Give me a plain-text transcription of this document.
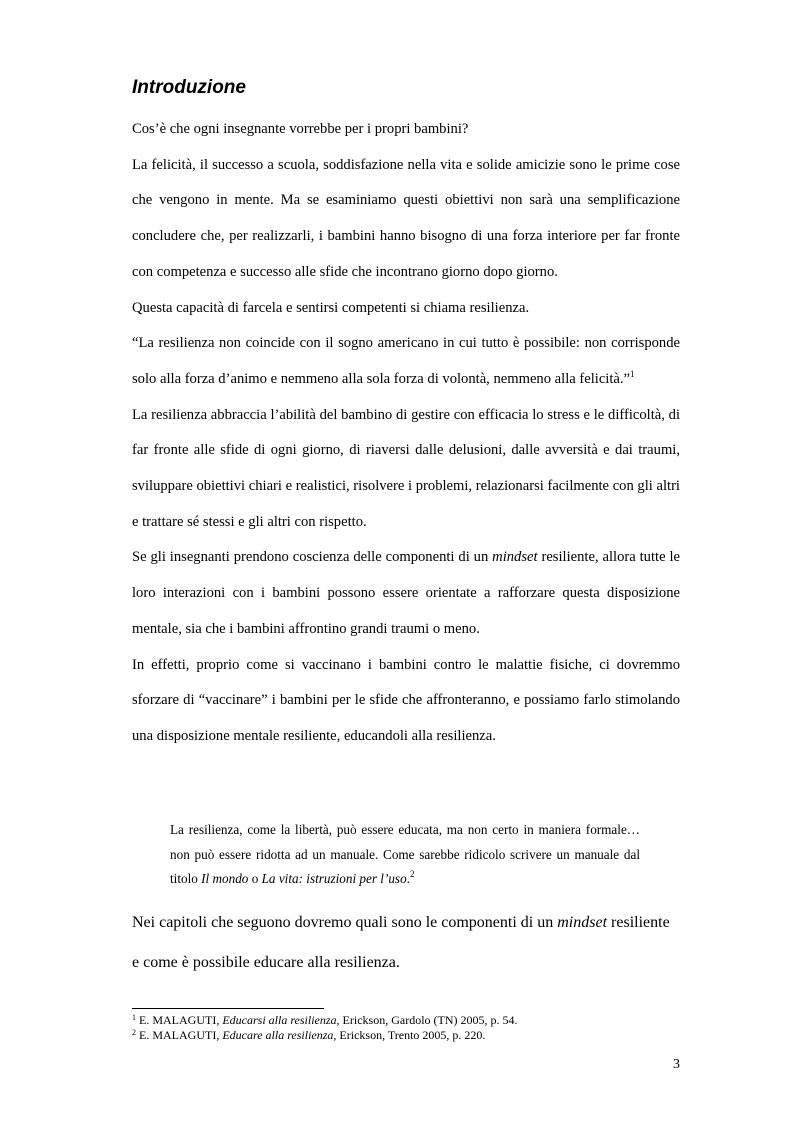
Introduzione

Cos’è che ogni insegnante vorrebbe per i propri bambini?

La felicità, il successo a scuola, soddisfazione nella vita e solide amicizie sono le prime cose che vengono in mente. Ma se esaminiamo questi obiettivi non sarà una semplificazione concludere che, per realizzarli, i bambini hanno bisogno di una forza interiore per far fronte con competenza e successo alle sfide che incontrano giorno dopo giorno.

Questa capacità di farcela e sentirsi competenti si chiama resilienza.

“La resilienza non coincide con il sogno americano in cui tutto è possibile: non corrisponde solo alla forza d’animo e nemmeno alla sola forza di volontà, nemmeno alla felicità.”$^1$

La resilienza abbraccia l’abilità del bambino di gestire con efficacia lo stress e le difficoltà, di far fronte alle sfide di ogni giorno, di riaversi dalle delusioni, dalle avversità e dai traumi, sviluppare obiettivi chiari e realistici, risolvere i problemi, relazionarsi facilmente con gli altri e trattare sé stessi e gli altri con rispetto.

Se gli insegnanti prendono coscienza delle componenti di un mindset resiliente, allora tutte le loro interazioni con i bambini possono essere orientate a rafforzare questa disposizione mentale, sia che i bambini affrontino grandi traumi o meno.

In effetti, proprio come si vaccinano i bambini contro le malattie fisiche, ci dovremmo sforzare di “vaccinare” i bambini per le sfide che affronteranno, e possiamo farlo stimolando una disposizione mentale resiliente, educandoli alla resilienza.

La resilienza, come la libertà, può essere educata, ma non certo in maniera formale…non può essere ridotta ad un manuale. Come sarebbe ridicolo scrivere un manuale dal titolo Il mondo o La vita: istruzioni per l’uso.$^2$

Nei capitoli che seguono dovremo quali sono le componenti di un mindset resiliente e come è possibile educare alla resilienza.

$^1$ E. MALAGUTI, Educarsi alla resilienza, Erickson, Gardolo (TN) 2005, p. 54.

$^2$ E. MALAGUTI, Educare alla resilienza, Erickson, Trento 2005, p. 220.

3
